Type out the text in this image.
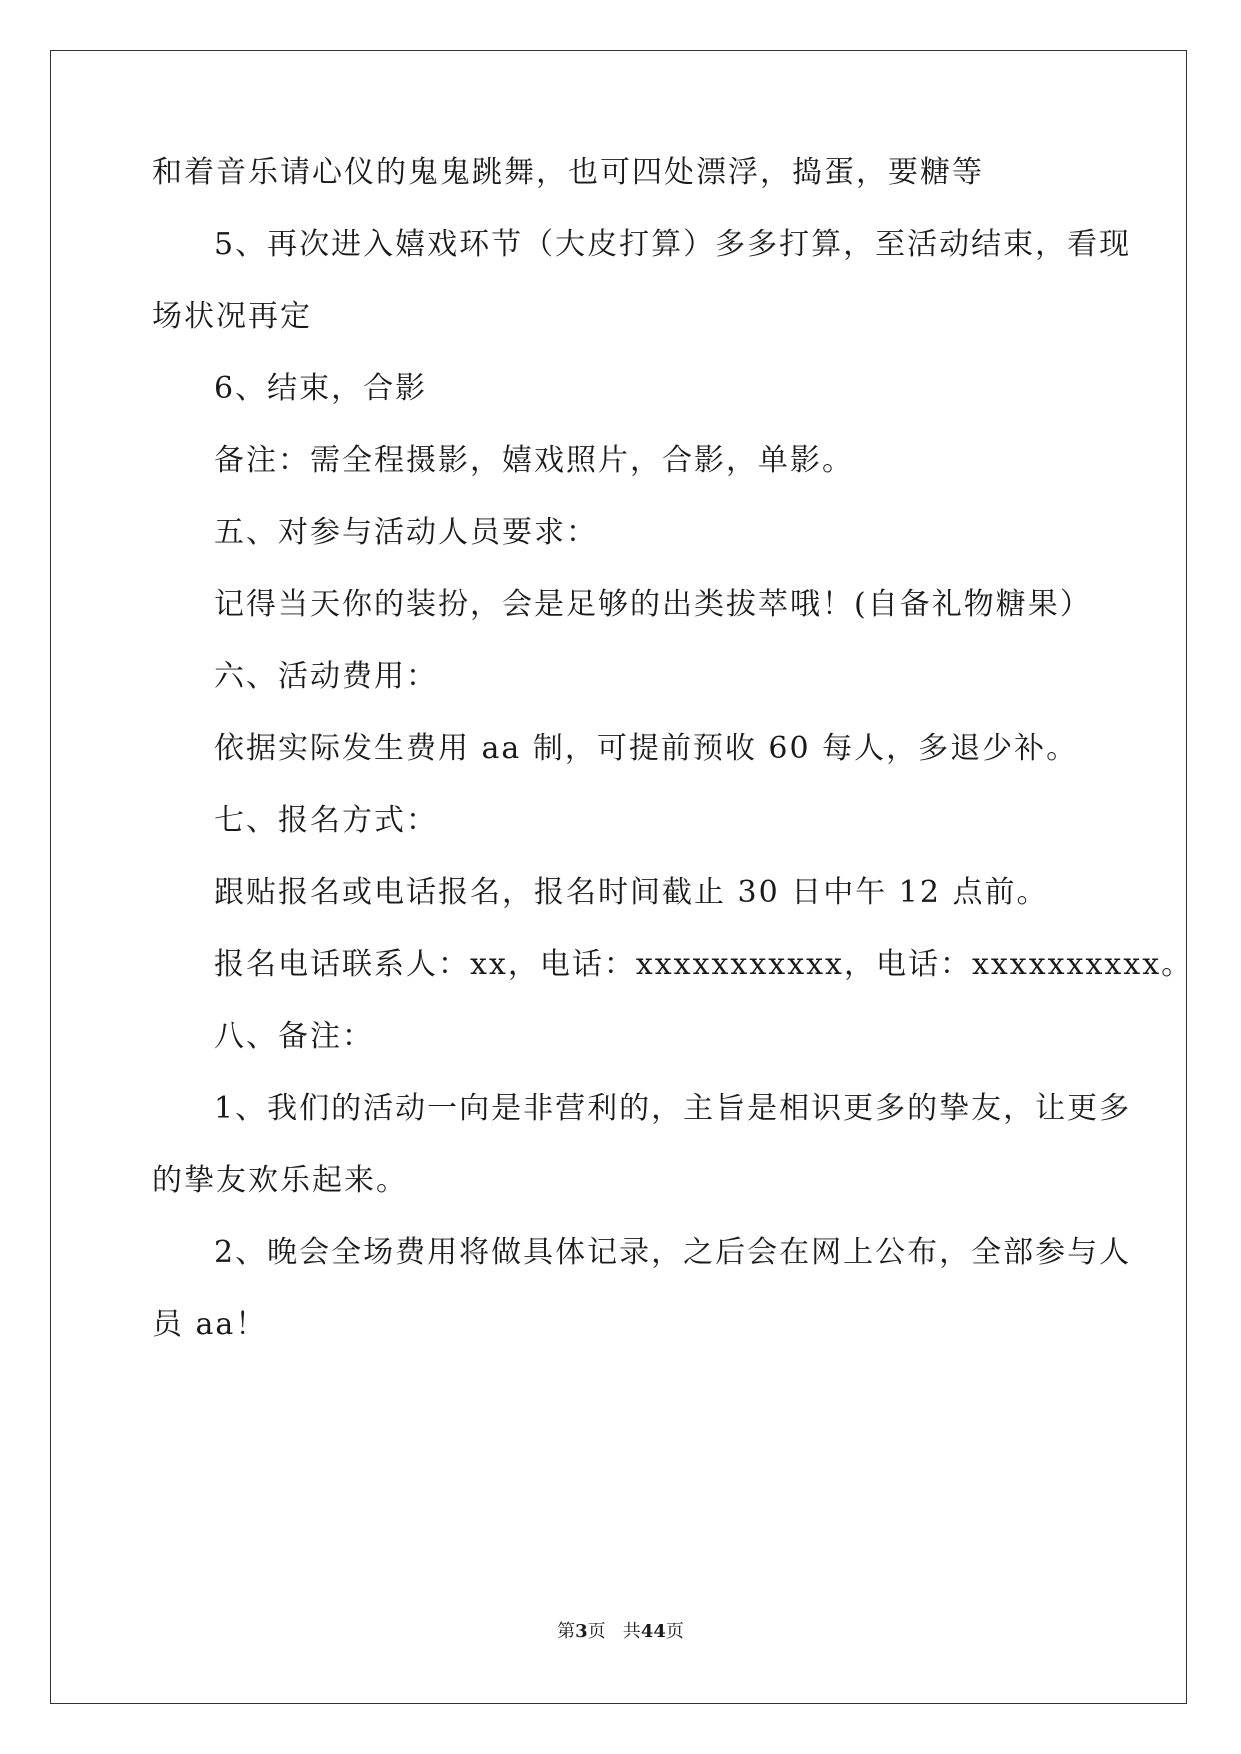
和着音乐请心仪的鬼鬼跳舞，也可四处漂浮，捣蛋，要糖等
5、再次进入嬉戏环节（大皮打算）多多打算，至活动结束，看现
场状况再定
6、结束，合影
备注：需全程摄影，嬉戏照片，合影，单影。
五、对参与活动人员要求：
记得当天你的装扮，会是足够的出类拔萃哦！(自备礼物糖果）
六、活动费用：
依据实际发生费用 aa 制，可提前预收 60 每人，多退少补。
七、报名方式：
跟贴报名或电话报名，报名时间截止 30 日中午 12 点前。
报名电话联系人：xx，电话：xxxxxxxxxxx，电话：xxxxxxxxxx。
八、备注：
1、我们的活动一向是非营利的，主旨是相识更多的挚友，让更多
的挚友欢乐起来。
2、晚会全场费用将做具体记录，之后会在网上公布，全部参与人
员 aa！
第3页   共44页
